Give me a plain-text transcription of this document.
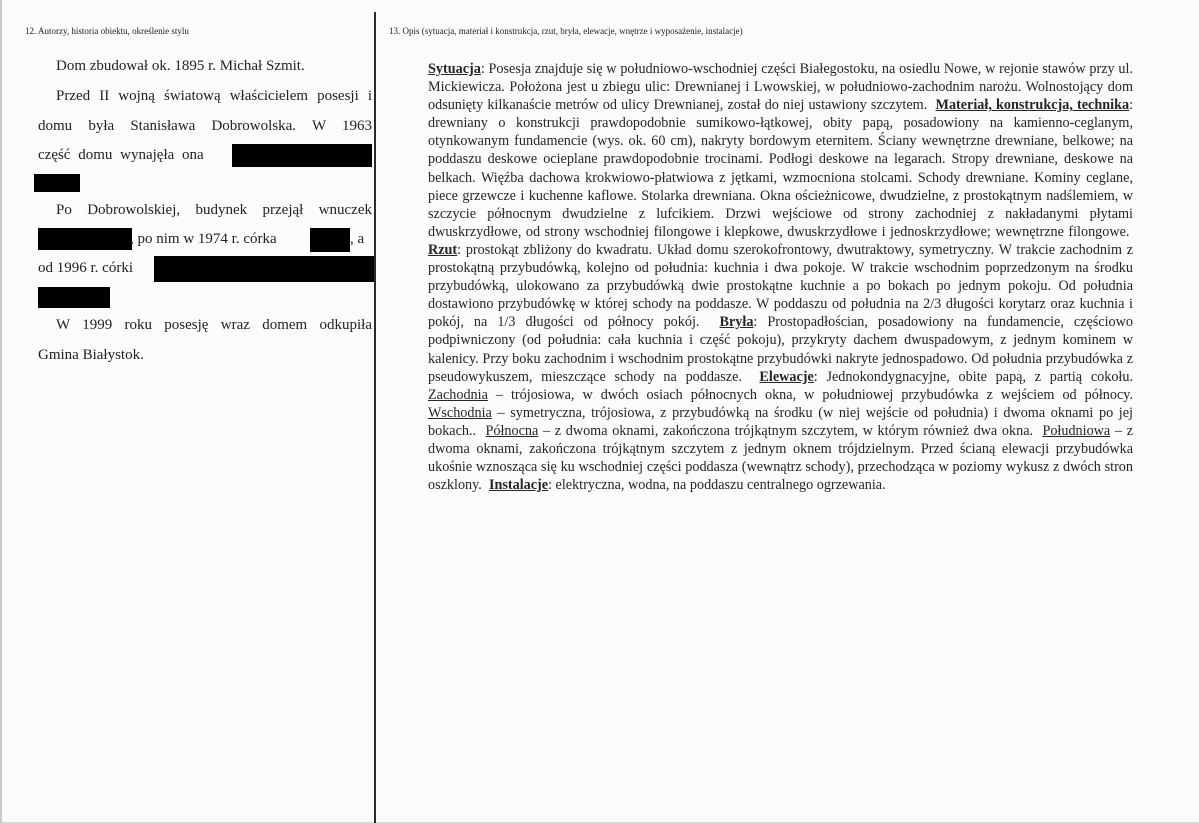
12. Autorzy, historia obiektu, określenie stylu	13. Opis (sytuacja, materiał i konstrukcja, rzut, bryła, elewacje, wnętrze i wyposażenie, instalacje)

Dom zbudował ok. 1895 r. Michał Szmit.

Przed II wojną światową właścicielem posesji i

domu była Stanisława Dobrowolska. W 1963

część domu wynajęła ona

Po Dobrowolskiej, budynek przejął wnuczek

, po nim w 1974 r. córka	, a

od 1996 r. córki

W 1999 roku posesję wraz domem odkupiła

Gmina Białystok.

Sytuacja: Posesja znajduje się w południowo-wschodniej części Białegostoku, na osiedlu Nowe, w rejonie stawów przy ul. Mickiewicza. Położona jest u zbiegu ulic: Drewnianej i Lwowskiej, w południowo-zachodnim narożu. Wolnostojący dom odsunięty kilkanaście metrów od ulicy Drewnianej, został do niej ustawiony szczytem. Materiał, konstrukcja, technika: drewniany o konstrukcji prawdopodobnie sumikowo-łątkowej, obity papą, posadowiony na kamienno-ceglanym, otynkowanym fundamencie (wys. ok. 60 cm), nakryty bordowym eternitem. Ściany wewnętrzne drewniane, belkowe; na poddaszu deskowe ocieplane prawdopodobnie trocinami. Podłogi deskowe na legarach. Stropy drewniane, deskowe na belkach. Więźba dachowa krokwiowo-płatwiowa z jętkami, wzmocniona stolcami. Schody drewniane. Kominy ceglane, piece grzewcze i kuchenne kaflowe. Stolarka drewniana. Okna ościeżnicowe, dwudzielne, z prostokątnym nadślemiem, w szczycie północnym dwudzielne z lufcikiem. Drzwi wejściowe od strony zachodniej z nakładanymi płytami dwuskrzydłowe, od strony wschodniej filongowe i klepkowe, dwuskrzydłowe i jednoskrzydłowe; wewnętrzne filongowe.  Rzut: prostokąt zbliżony do kwadratu. Układ domu szerokofrontowy, dwutraktowy, symetryczny. W trakcie zachodnim z prostokątną przybudówką, kolejno od południa: kuchnia i dwa pokoje. W trakcie wschodnim poprzedzonym na środku przybudówką, ulokowano za przybudówką dwie prostokątne kuchnie a po bokach po jednym pokoju. Od południa dostawiono przybudówkę w której schody na poddasze. W poddaszu od południa na 2/3 długości korytarz oraz kuchnia i pokój, na 1/3 długości od północy pokój. Bryła: Prostopadłościan, posadowiony na fundamencie, częściowo podpiwniczony (od południa: cała kuchnia i część pokoju), przykryty dachem dwuspadowym, z jednym kominem w kalenicy. Przy boku zachodnim i wschodnim prostokątne przybudówki nakryte jednospadowo. Od południa przybudówka z pseudowykuszem, mieszczące schody na poddasze. Elewacje: Jednokondygnacyjne, obite papą, z partią cokołu. Zachodnia – trójosiowa, w dwóch osiach północnych okna, w południowej przybudówka z wejściem od północy. Wschodnia – symetryczna, trójosiowa, z przybudówką na środku (w niej wejście od południa) i dwoma oknami po jej bokach.. Północna – z dwoma oknami, zakończona trójkątnym szczytem, w którym również dwa okna. Południowa – z dwoma oknami, zakończona trójkątnym szczytem z jednym oknem trójdzielnym. Przed ścianą elewacji przybudówka ukośnie wznosząca się ku wschodniej części poddasza (wewnątrz schody), przechodząca w poziomy wykusz z dwóch stron oszklony. Instalacje: elektryczna, wodna, na poddaszu centralnego ogrzewania.
